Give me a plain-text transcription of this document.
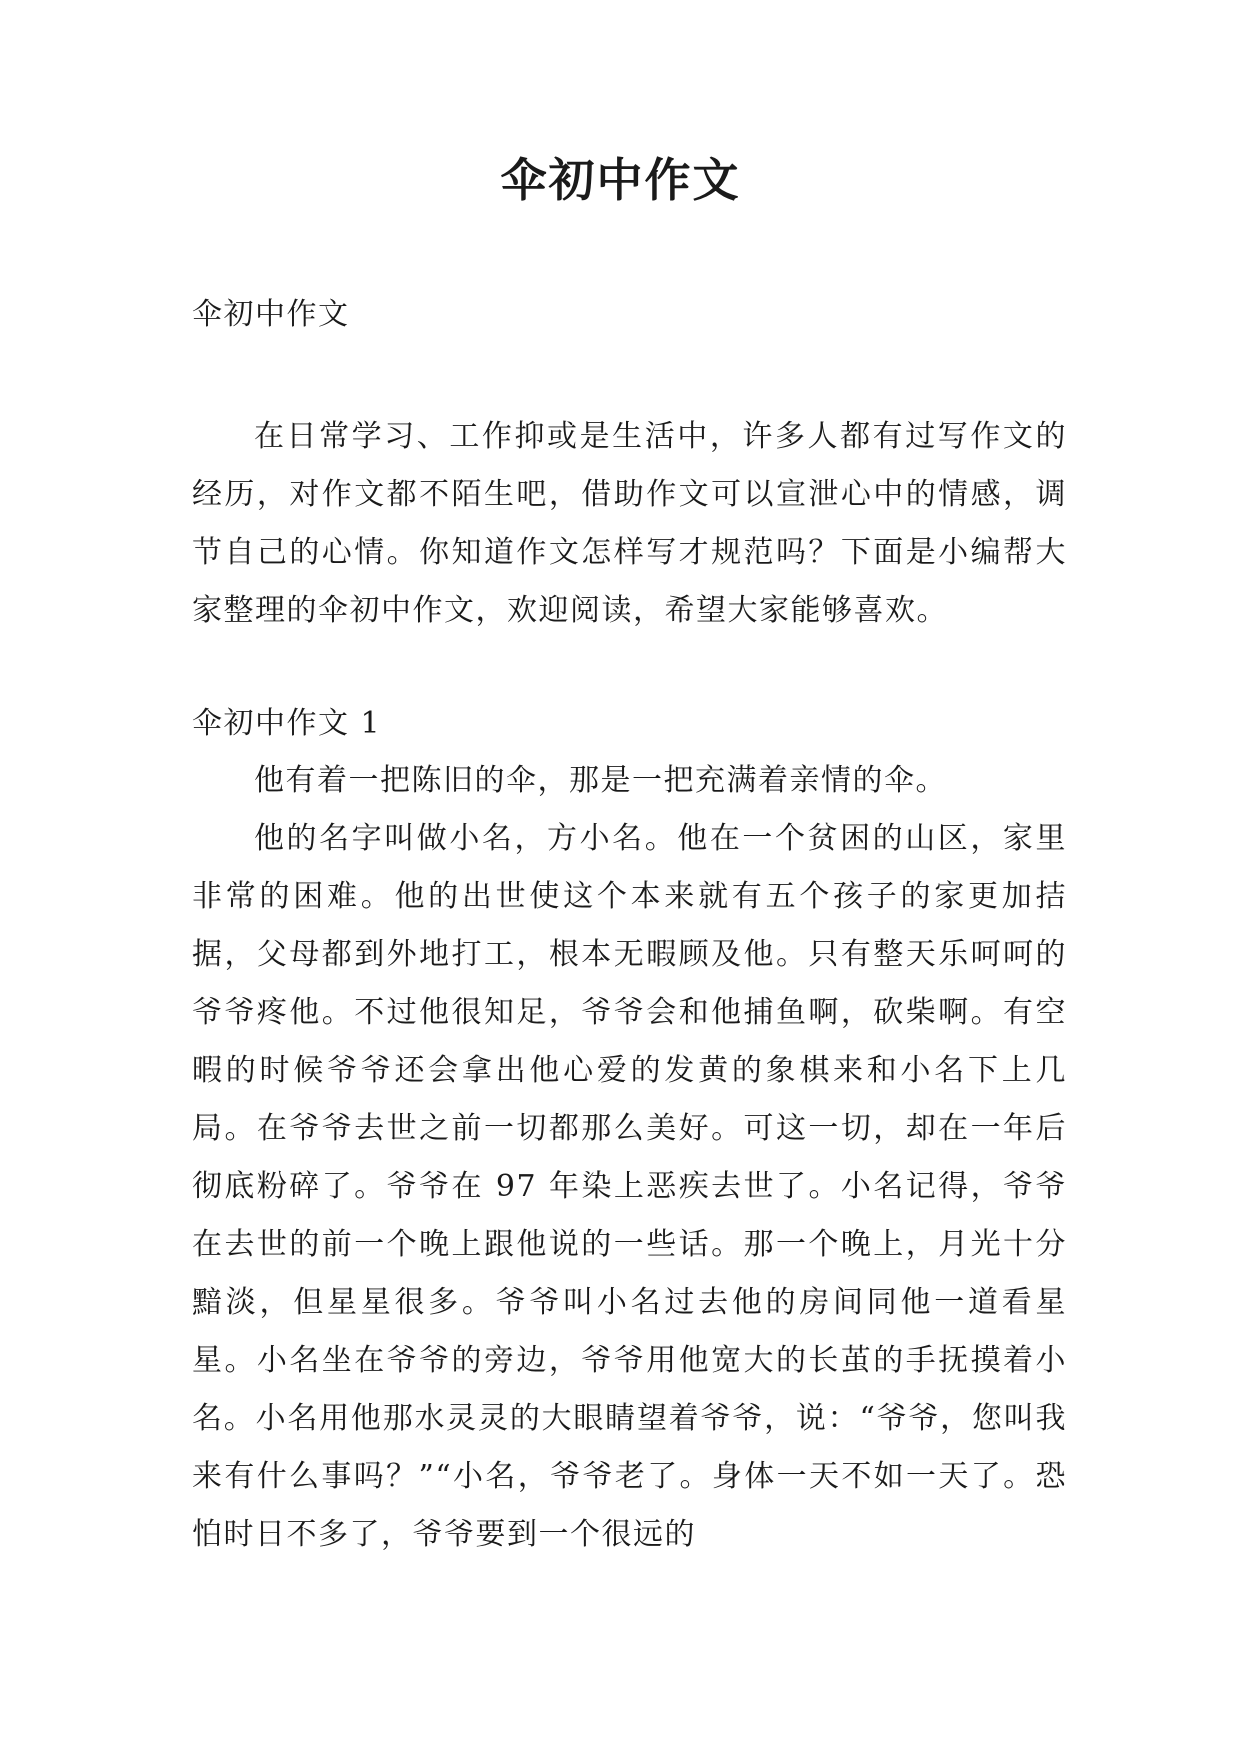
伞初中作文

伞初中作文

在日常学习、工作抑或是生活中，许多人都有过写作文的经历，对作文都不陌生吧，借助作文可以宣泄心中的情感，调节自己的心情。你知道作文怎样写才规范吗？下面是小编帮大家整理的伞初中作文，欢迎阅读，希望大家能够喜欢。

伞初中作文 1

他有着一把陈旧的伞，那是一把充满着亲情的伞。

他的名字叫做小名，方小名。他在一个贫困的山区，家里非常的困难。他的出世使这个本来就有五个孩子的家更加拮据，父母都到外地打工，根本无暇顾及他。只有整天乐呵呵的爷爷疼他。不过他很知足，爷爷会和他捕鱼啊，砍柴啊。有空暇的时候爷爷还会拿出他心爱的发黄的象棋来和小名下上几局。在爷爷去世之前一切都那么美好。可这一切，却在一年后彻底粉碎了。爷爷在 97 年染上恶疾去世了。小名记得，爷爷在去世的前一个晚上跟他说的一些话。那一个晚上，月光十分黯淡，但星星很多。爷爷叫小名过去他的房间同他一道看星星。小名坐在爷爷的旁边，爷爷用他宽大的长茧的手抚摸着小名。小名用他那水灵灵的大眼睛望着爷爷，说：“爷爷，您叫我来有什么事吗？”“小名，爷爷老了。身体一天不如一天了。恐怕时日不多了，爷爷要到一个很远的
